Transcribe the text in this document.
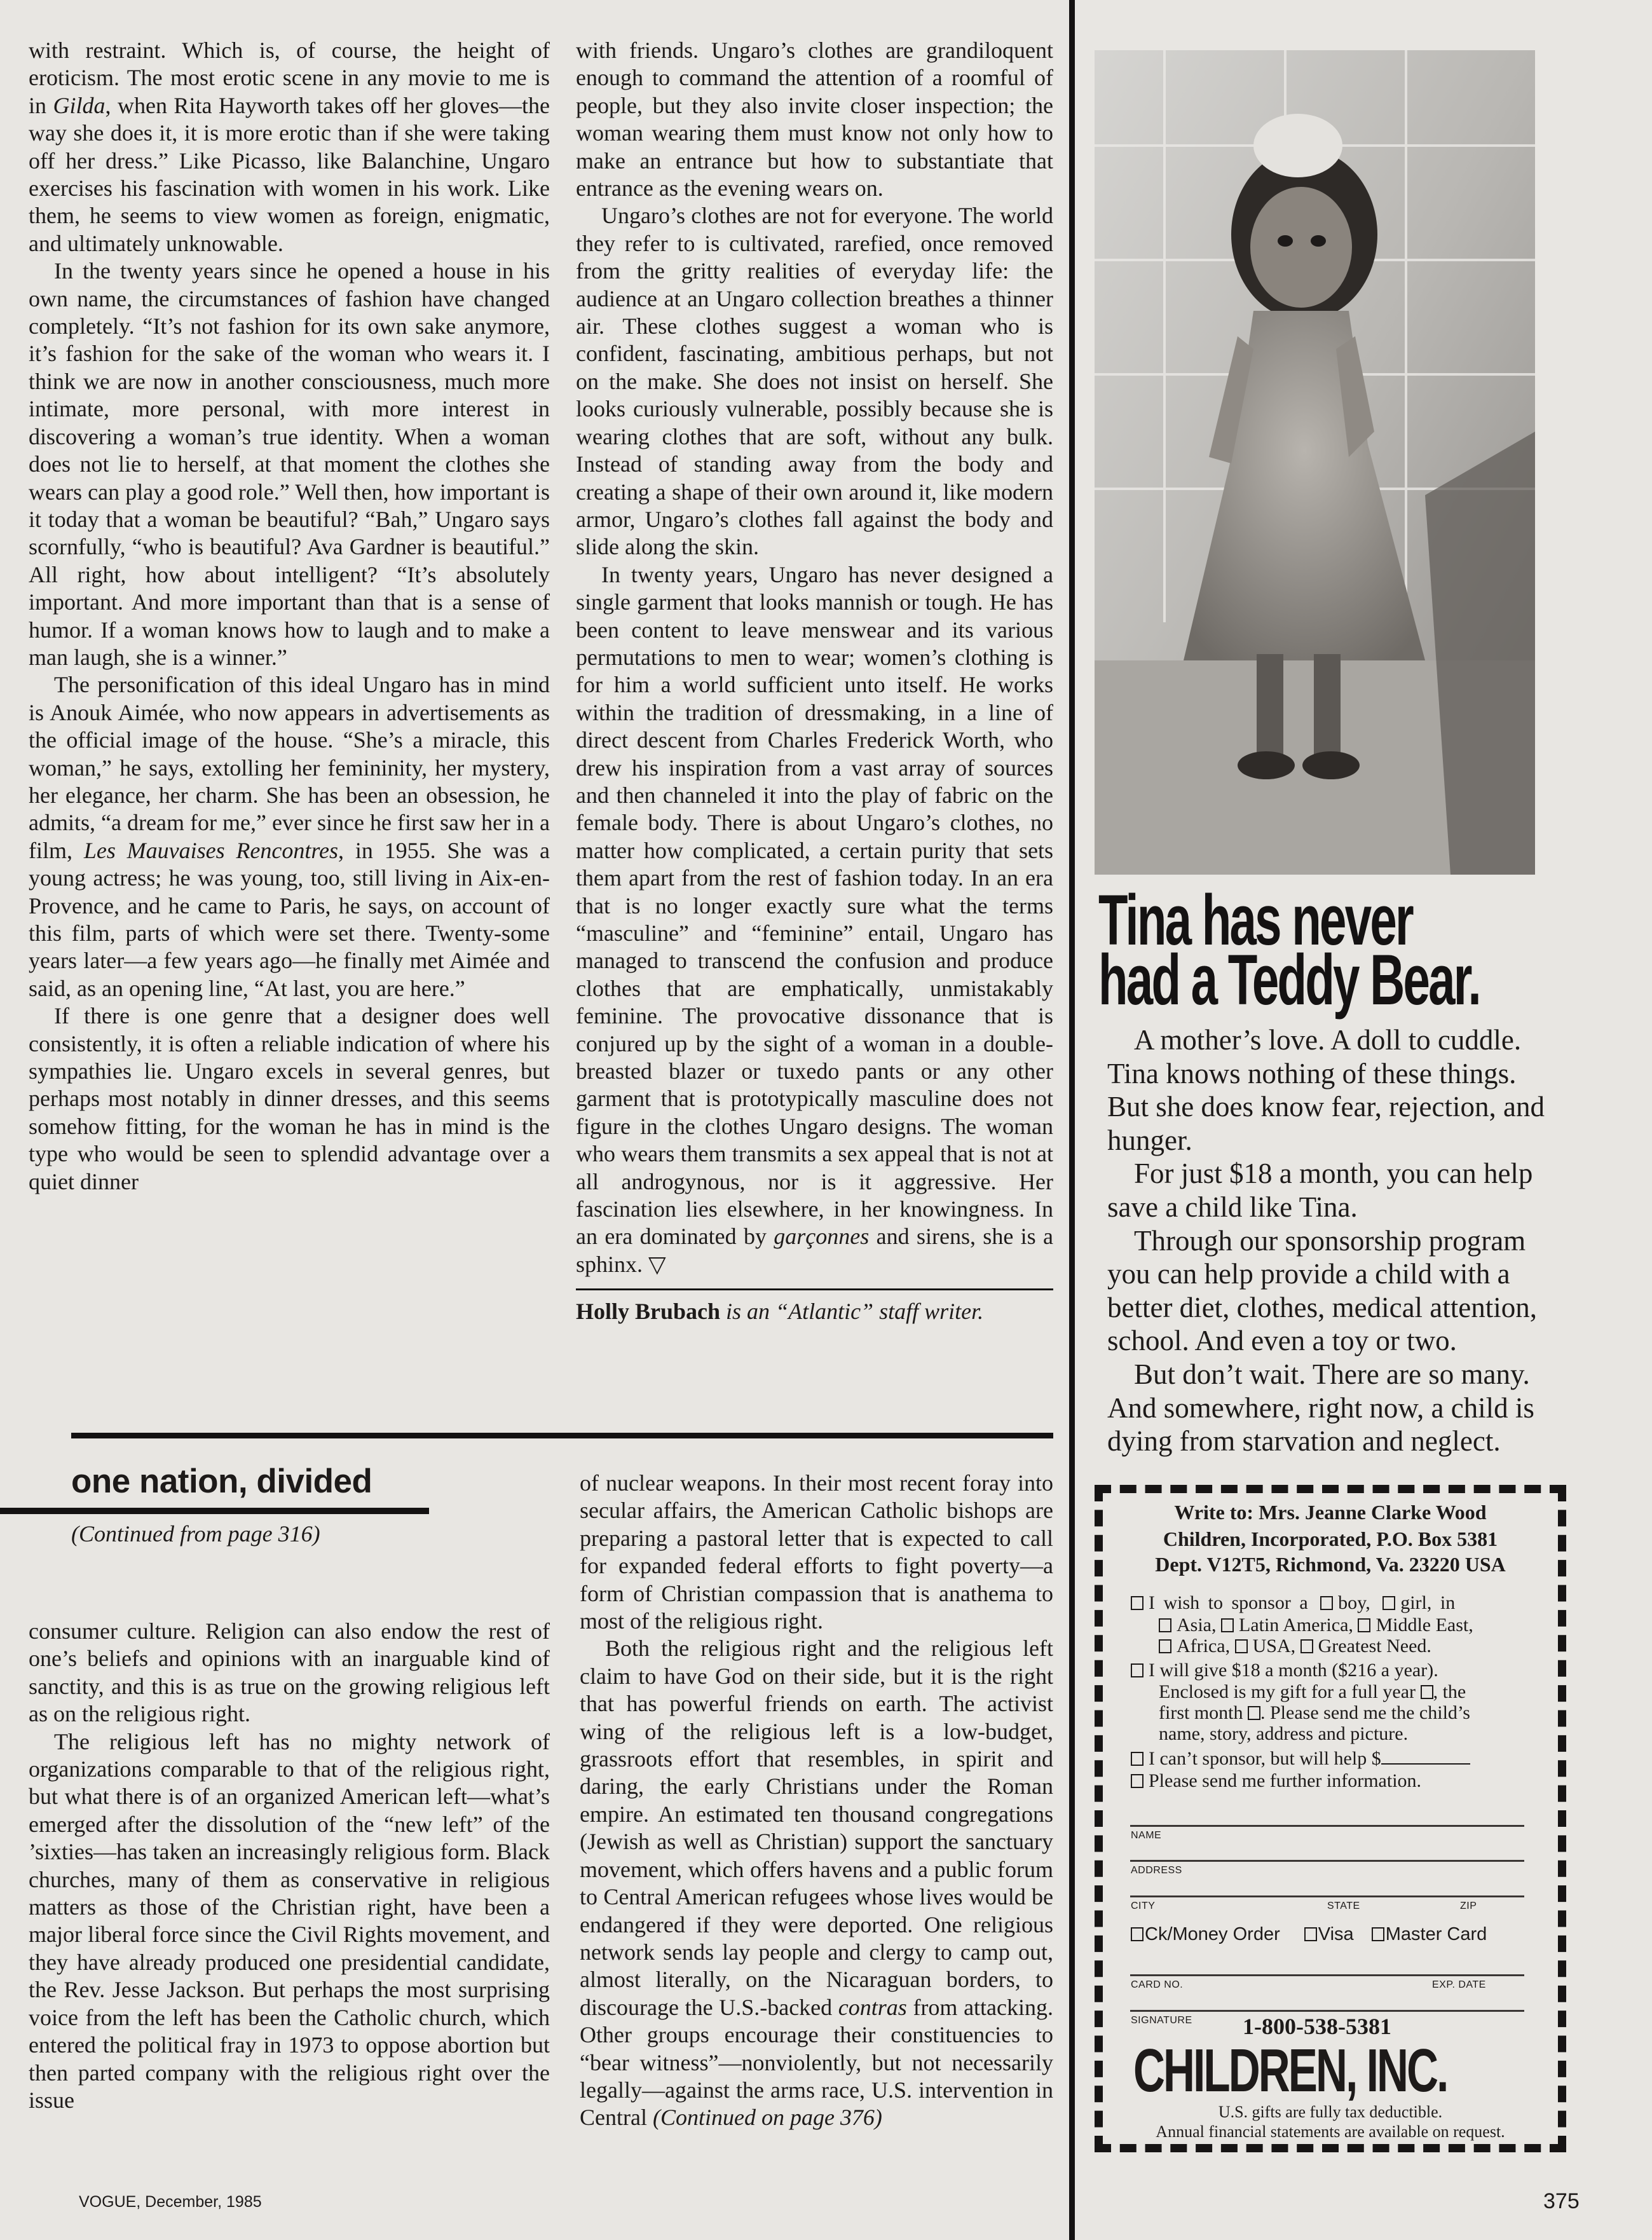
with restraint. Which is, of course, the height of eroticism. The most erotic scene in any movie to me is in Gilda, when Rita Hayworth takes off her gloves—the way she does it, it is more erotic than if she were taking off her dress.” Like Picasso, like Balanchine, Ungaro exercises his fascination with women in his work. Like them, he seems to view women as foreign, enigmatic, and ultimately unknowable.

In the twenty years since he opened a house in his own name, the circumstances of fashion have changed completely. “It’s not fashion for its own sake anymore, it’s fashion for the sake of the woman who wears it. I think we are now in another consciousness, much more intimate, more personal, with more interest in discovering a woman’s true identity. When a woman does not lie to herself, at that moment the clothes she wears can play a good role.” Well then, how important is it today that a woman be beautiful? “Bah,” Ungaro says scornfully, “who is beautiful? Ava Gardner is beautiful.” All right, how about intelligent? “It’s absolutely important. And more important than that is a sense of humor. If a woman knows how to laugh and to make a man laugh, she is a winner.”

The personification of this ideal Ungaro has in mind is Anouk Aimée, who now appears in advertisements as the official image of the house. “She’s a miracle, this woman,” he says, extolling her femininity, her mystery, her elegance, her charm. She has been an obsession, he admits, “a dream for me,” ever since he first saw her in a film, Les Mauvaises Rencontres, in 1955. She was a young actress; he was young, too, still living in Aix-en-Provence, and he came to Paris, he says, on account of this film, parts of which were set there. Twenty-some years later—a few years ago—he finally met Aimée and said, as an opening line, “At last, you are here.”

If there is one genre that a designer does well consistently, it is often a reliable indication of where his sympathies lie. Ungaro excels in several genres, but perhaps most notably in dinner dresses, and this seems somehow fitting, for the woman he has in mind is the type who would be seen to splendid advantage over a quiet dinner

with friends. Ungaro’s clothes are grandiloquent enough to command the attention of a roomful of people, but they also invite closer inspection; the woman wearing them must know not only how to make an entrance but how to substantiate that entrance as the evening wears on.

Ungaro’s clothes are not for everyone. The world they refer to is cultivated, rarefied, once removed from the gritty realities of everyday life: the audience at an Ungaro collection breathes a thinner air. These clothes suggest a woman who is confident, fascinating, ambitious perhaps, but not on the make. She does not insist on herself. She looks curiously vulnerable, possibly because she is wearing clothes that are soft, without any bulk. Instead of standing away from the body and creating a shape of their own around it, like modern armor, Ungaro’s clothes fall against the body and slide along the skin.

In twenty years, Ungaro has never designed a single garment that looks mannish or tough. He has been content to leave menswear and its various permutations to men to wear; women’s clothing is for him a world sufficient unto itself. He works within the tradition of dressmaking, in a line of direct descent from Charles Frederick Worth, who drew his inspiration from a vast array of sources and then channeled it into the play of fabric on the female body. There is about Ungaro’s clothes, no matter how complicated, a certain purity that sets them apart from the rest of fashion today. In an era that is no longer exactly sure what the terms “masculine” and “feminine” entail, Ungaro has managed to transcend the confusion and produce clothes that are emphatically, unmistakably feminine. The provocative dissonance that is conjured up by the sight of a woman in a double-breasted blazer or tuxedo pants or any other garment that is prototypically masculine does not figure in the clothes Ungaro designs. The woman who wears them transmits a sex appeal that is not at all androgynous, nor is it aggressive. Her fascination lies elsewhere, in her knowingness. In an era dominated by garçonnes and sirens, she is a sphinx. ▽

Holly Brubach is an “Atlantic” staff writer.
one nation, divided
(Continued from page 316)

consumer culture. Religion can also endow the rest of one’s beliefs and opinions with an inarguable kind of sanctity, and this is as true on the growing religious left as on the religious right.

The religious left has no mighty network of organizations comparable to that of the religious right, but what there is of an organized American left—what’s emerged after the dissolution of the “new left” of the ’sixties—has taken an increasingly religious form. Black churches, many of them as conservative in religious matters as those of the Christian right, have been a major liberal force since the Civil Rights movement, and they have already produced one presidential candidate, the Rev. Jesse Jackson. But perhaps the most surprising voice from the left has been the Catholic church, which entered the political fray in 1973 to oppose abortion but then parted company with the religious right over the issue

of nuclear weapons. In their most recent foray into secular affairs, the American Catholic bishops are preparing a pastoral letter that is expected to call for expanded federal efforts to fight poverty—a form of Christian compassion that is anathema to most of the religious right.

Both the religious right and the religious left claim to have God on their side, but it is the right that has powerful friends on earth. The activist wing of the religious left is a low-budget, grassroots effort that resembles, in spirit and daring, the early Christians under the Roman empire. An estimated ten thousand congregations (Jewish as well as Christian) support the sanctuary movement, which offers havens and a public forum to Central American refugees whose lives would be endangered if they were deported. One religious network sends lay people and clergy to camp out, almost literally, on the Nicaraguan borders, to discourage the U.S.-backed contras from attacking. Other groups encourage their constituencies to “bear witness”—nonviolently, but not necessarily legally—against the arms race, U.S. intervention in Central (Continued on page 376)

Tina has never
had a Teddy Bear.

A mother’s love. A doll to cuddle. Tina knows nothing of these things. But she does know fear, rejection, and hunger.

For just $18 a month, you can help save a child like Tina.

Through our sponsorship program you can help provide a child with a better diet, clothes, medical attention, school. And even a toy or two.

But don’t wait. There are so many. And somewhere, right now, a child is dying from starvation and neglect.

Write to: Mrs. Jeanne Clarke Wood
Children, Incorporated, P.O. Box 5381
Dept. V12T5, Richmond, Va. 23220 USA
I wish to sponsor a boy, girl, in
Asia, Latin America, Middle East,
Africa, USA, Greatest Need.
I will give $18 a month ($216 a year).
Enclosed is my gift for a full year , the
first month . Please send me the child’s
name, story, address and picture.
I can’t sponsor, but will help $
Please send me further information.
NAME
ADDRESS
CITY	STATE	ZIP
Ck/Money Order Visa Master Card
CARD NO.	EXP. DATE
SIGNATURE 1-800-538-5381
CHILDREN, INC.
U.S. gifts are fully tax deductible.
Annual financial statements are available on request.
VOGUE, December, 1985	375
